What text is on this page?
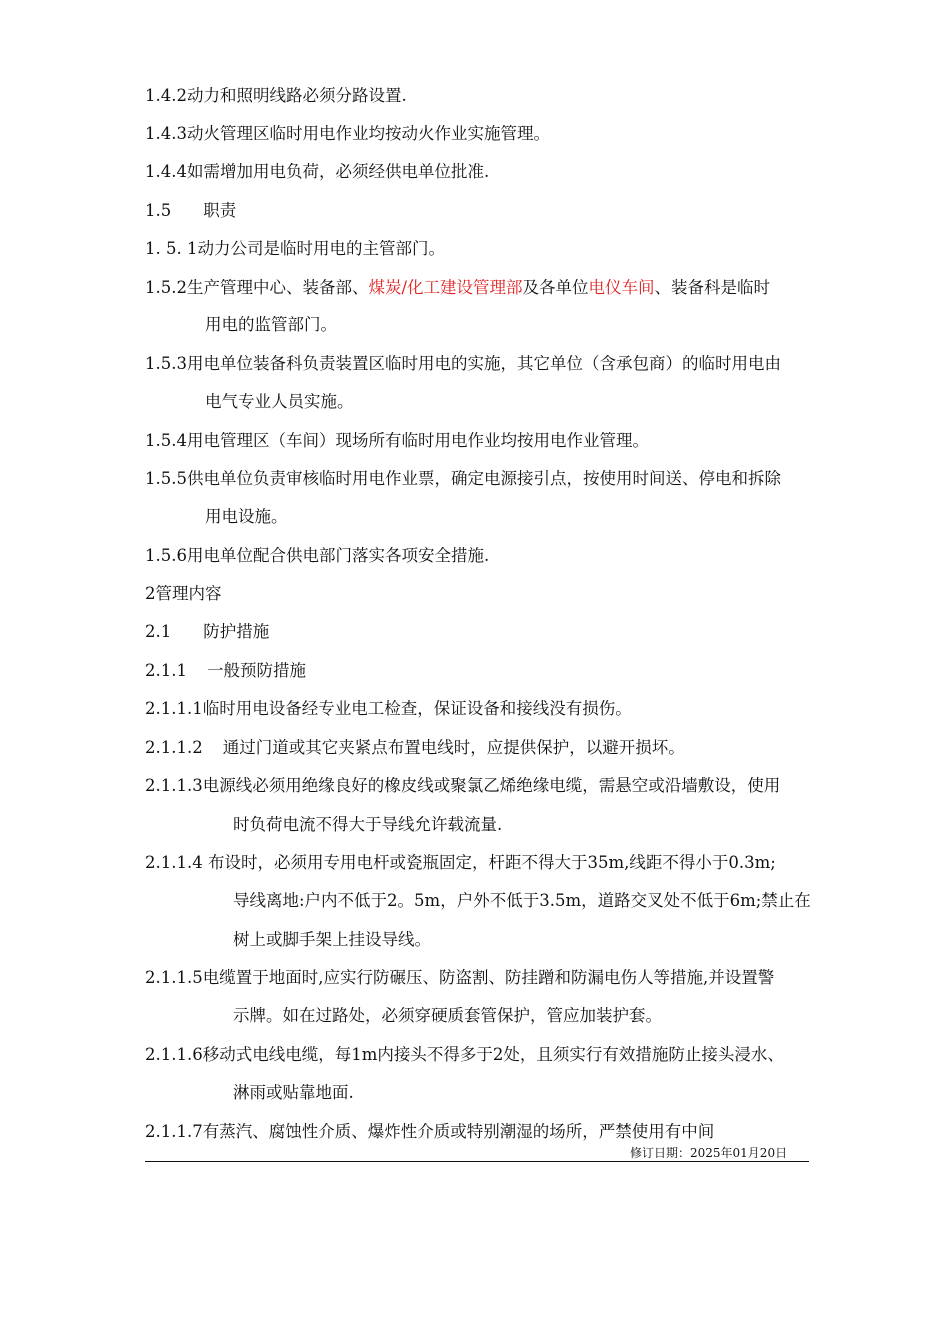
1.4.2动力和照明线路必须分路设置.
1.4.3动火管理区临时用电作业均按动火作业实施管理。
1.4.4如需增加用电负荷，必须经供电单位批准.
1.5 职责
1. 5. 1动力公司是临时用电的主管部门。
1.5.2生产管理中心、装备部、煤炭/化工建设管理部及各单位电仪车间、装备科是临时
用电的监管部门。
1.5.3用电单位装备科负责装置区临时用电的实施，其它单位（含承包商）的临时用电由
电气专业人员实施。
1.5.4用电管理区（车间）现场所有临时用电作业均按用电作业管理。
1.5.5供电单位负责审核临时用电作业票，确定电源接引点，按使用时间送、停电和拆除
用电设施。
1.5.6用电单位配合供电部门落实各项安全措施.
2管理内容
2.1 防护措施
2.1.1 一般预防措施
2.1.1.1临时用电设备经专业电工检查，保证设备和接线没有损伤。
2.1.1.2 通过门道或其它夹紧点布置电线时，应提供保护，以避开损坏。
2.1.1.3电源线必须用绝缘良好的橡皮线或聚氯乙烯绝缘电缆，需悬空或沿墙敷设，使用
时负荷电流不得大于导线允许载流量.
2.1.1.4 布设时，必须用专用电杆或瓷瓶固定，杆距不得大于35m,线距不得小于0.3m;
导线离地:户内不低于2。5m，户外不低于3.5m，道路交叉处不低于6m;禁止在
树上或脚手架上挂设导线。
2.1.1.5电缆置于地面时,应实行防碾压、防盗割、防挂蹭和防漏电伤人等措施,并设置警
示牌。如在过路处，必须穿硬质套管保护，管应加装护套。
2.1.1.6移动式电线电缆，每1m内接头不得多于2处，且须实行有效措施防止接头浸水、
淋雨或贴靠地面.
2.1.1.7有蒸汽、腐蚀性介质、爆炸性介质或特别潮湿的场所，严禁使用有中间
修订日期：2025年01月20日
